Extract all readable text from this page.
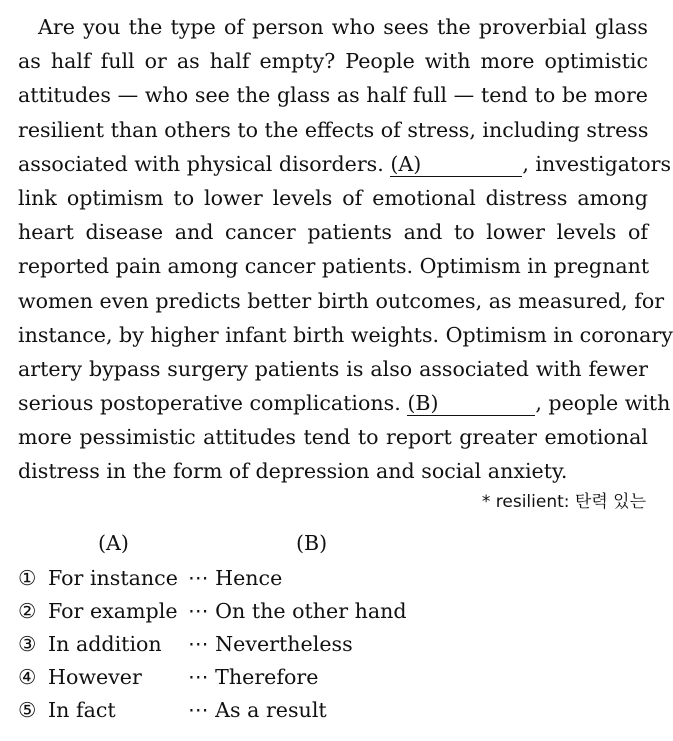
Are you the type of person who sees the proverbial glass
as half full or as half empty? People with more optimistic
attitudes — who see the glass as half full — tend to be more
resilient than others to the effects of stress, including stress
associated with physical disorders. (A)	, investigators
link optimism to lower levels of emotional distress among
heart disease and cancer patients and to lower levels of
reported pain among cancer patients. Optimism in pregnant
women even predicts better birth outcomes, as measured, for
instance, by higher infant birth weights. Optimism in coronary
artery bypass surgery patients is also associated with fewer
serious postoperative complications. (B)	, people with
more pessimistic attitudes tend to report greater emotional
distress in the form of depression and social anxiety.
* resilient: 탄력 있는
(A)	(B)
① For instance ⋯ Hence
② For example ⋯ On the other hand
③ In addition ⋯ Nevertheless
④ However ⋯ Therefore
⑤ In fact	⋯ As a result
